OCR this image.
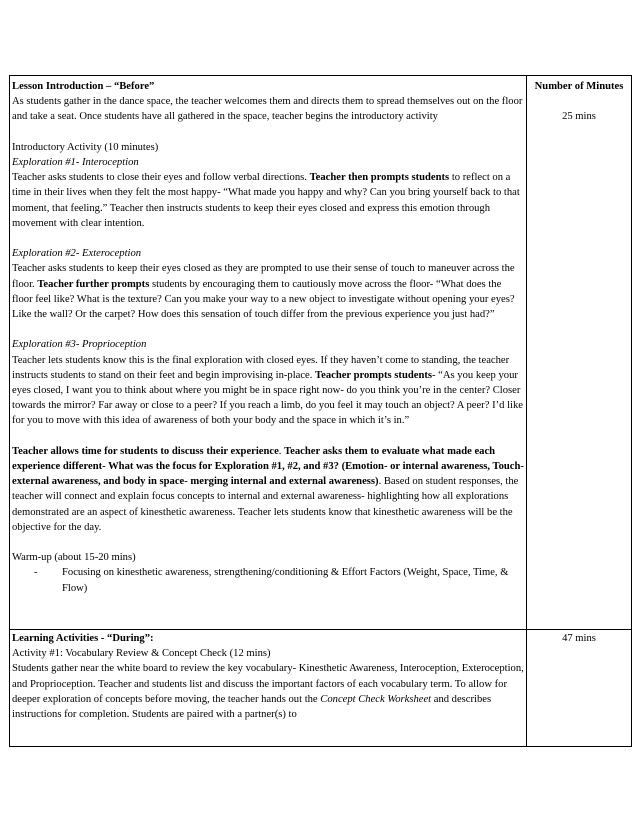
Lesson Introduction – “Before”

As students gather in the dance space, the teacher welcomes them and directs them to spread themselves out on the floor and take a seat. Once students have all gathered in the space, teacher begins the introductory activity

Introductory Activity (10 minutes)

Exploration #1- Interoception

Teacher asks students to close their eyes and follow verbal directions. Teacher then prompts students to reflect on a time in their lives when they felt the most happy- “What made you happy and why? Can you bring yourself back to that moment, that feeling.” Teacher then instructs students to keep their eyes closed and express this emotion through movement with clear intention.

Exploration #2- Exteroception

Teacher asks students to keep their eyes closed as they are prompted to use their sense of touch to maneuver across the floor. Teacher further prompts students by encouraging them to cautiously move across the floor- “What does the floor feel like? What is the texture? Can you make your way to a new object to investigate without opening your eyes? Like the wall? Or the carpet? How does this sensation of touch differ from the previous experience you just had?”

Exploration #3- Proprioception

Teacher lets students know this is the final exploration with closed eyes. If they haven’t come to standing, the teacher instructs students to stand on their feet and begin improvising in-place. Teacher prompts students- “As you keep your eyes closed, I want you to think about where you might be in space right now- do you think you’re in the center? Closer towards the mirror? Far away or close to a peer? If you reach a limb, do you feel it may touch an object? A peer? I’d like for you to move with this idea of awareness of both your body and the space in which it’s in.”

Teacher allows time for students to discuss their experience. Teacher asks them to evaluate what made each experience different- What was the focus for Exploration #1, #2, and #3? (Emotion- or internal awareness, Touch- external awareness, and body in space- merging internal and external awareness). Based on student responses, the teacher will connect and explain focus concepts to internal and external awareness- highlighting how all explorations demonstrated are an aspect of kinesthetic awareness. Teacher lets students know that kinesthetic awareness will be the objective for the day.

Warm-up (about 15-20 mins)

-	Focusing on kinesthetic awareness, strengthening/conditioning & Effort Factors (Weight, Space, Time, & Flow)

Number of Minutes

25 mins

Learning Activities - “During”:

Activity #1: Vocabulary Review & Concept Check (12 mins)

Students gather near the white board to review the key vocabulary- Kinesthetic Awareness, Interoception, Exteroception, and Proprioception. Teacher and students list and discuss the important factors of each vocabulary term. To allow for deeper exploration of concepts before moving, the teacher hands out the Concept Check Worksheet and describes instructions for completion. Students are paired with a partner(s) to

47 mins
